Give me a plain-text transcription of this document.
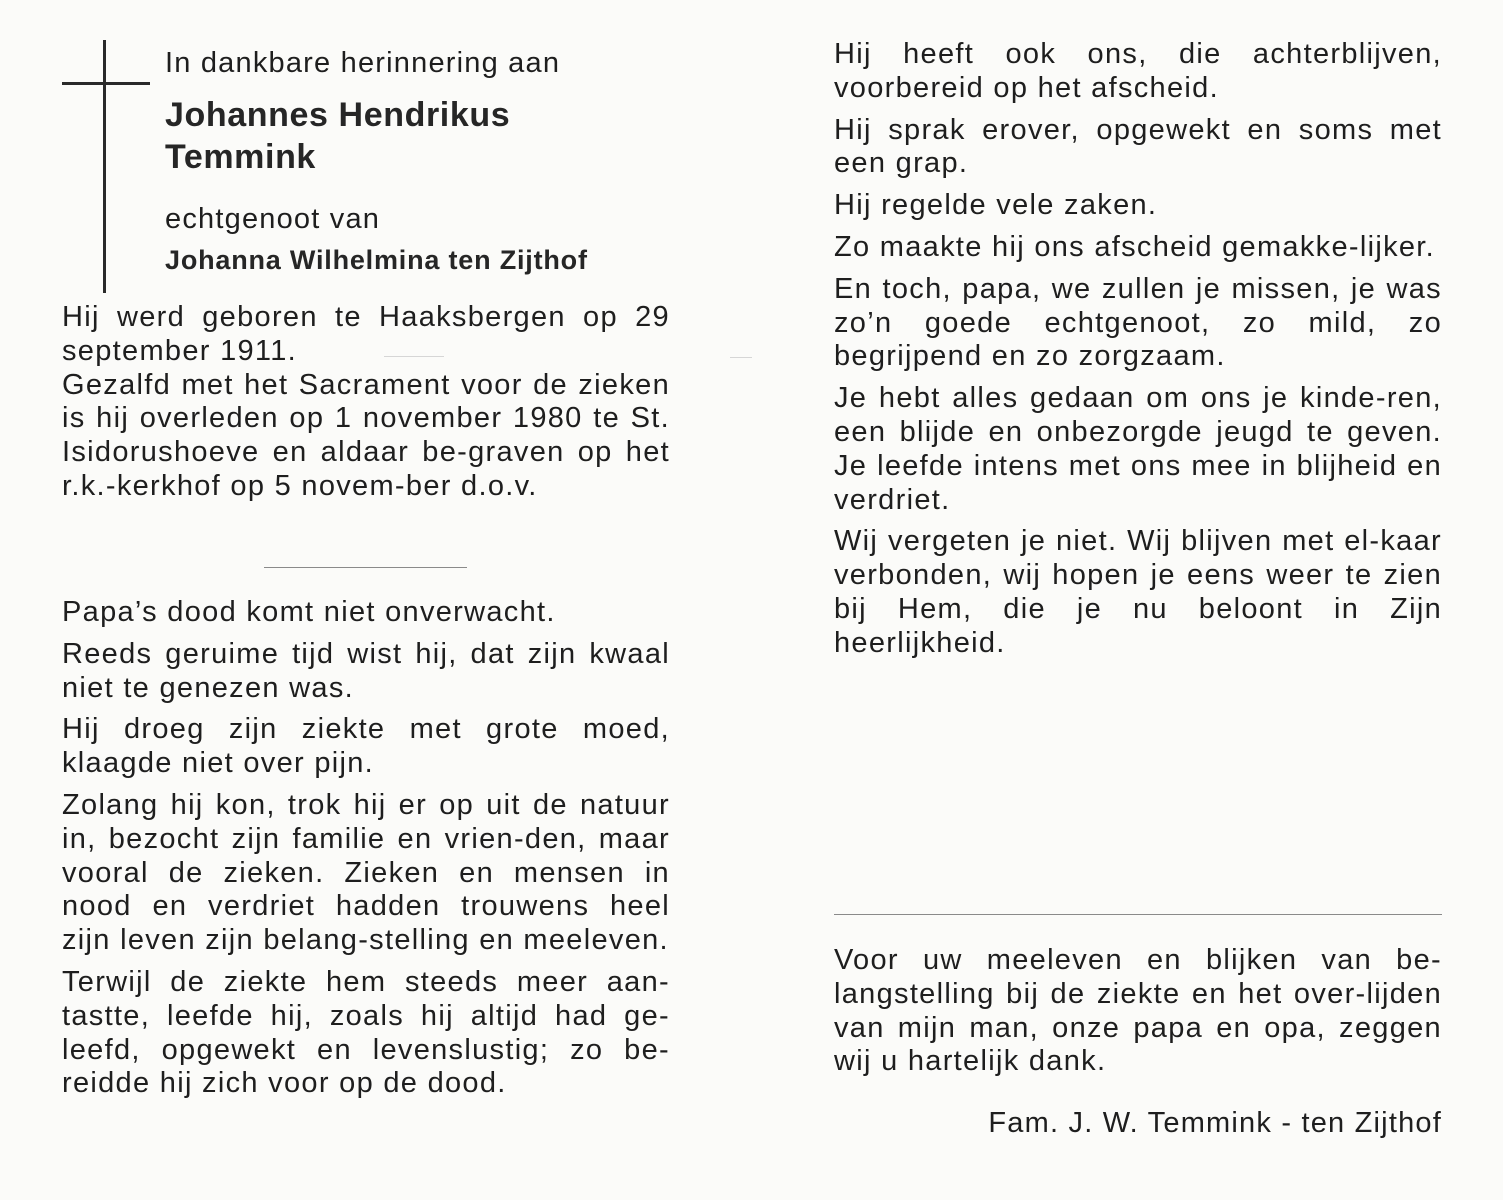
In dankbare herinnering aan

Johannes Hendrikus
Temmink

echtgenoot van

Johanna Wilhelmina ten Zijthof

Hij werd geboren te Haaksbergen op 29 september 1911.

Gezalfd met het Sacrament voor de zieken is hij overleden op 1 november 1980 te St. Isidorushoeve en aldaar be-graven op het r.k.-kerkhof op 5 novem-ber d.o.v.

Papa’s dood komt niet onverwacht.

Reeds geruime tijd wist hij, dat zijn kwaal niet te genezen was.

Hij droeg zijn ziekte met grote moed, klaagde niet over pijn.

Zolang hij kon, trok hij er op uit de natuur in, bezocht zijn familie en vrien-den, maar vooral de zieken. Zieken en mensen in nood en verdriet hadden trouwens heel zijn leven zijn belang-stelling en meeleven.

Terwijl de ziekte hem steeds meer aan-tastte, leefde hij, zoals hij altijd had ge-leefd, opgewekt en levenslustig; zo be-reidde hij zich voor op de dood.

Hij heeft ook ons, die achterblijven, voorbereid op het afscheid.

Hij sprak erover, opgewekt en soms met een grap.

Hij regelde vele zaken.

Zo maakte hij ons afscheid gemakke-lijker.

En toch, papa, we zullen je missen, je was zo’n goede echtgenoot, zo mild, zo begrijpend en zo zorgzaam.

Je hebt alles gedaan om ons je kinde-ren, een blijde en onbezorgde jeugd te geven. Je leefde intens met ons mee in blijheid en verdriet.

Wij vergeten je niet. Wij blijven met el-kaar verbonden, wij hopen je eens weer te zien bij Hem, die je nu beloont in Zijn heerlijkheid.

Voor uw meeleven en blijken van be-langstelling bij de ziekte en het over-lijden van mijn man, onze papa en opa, zeggen wij u hartelijk dank.

Fam. J. W. Temmink - ten Zijthof
